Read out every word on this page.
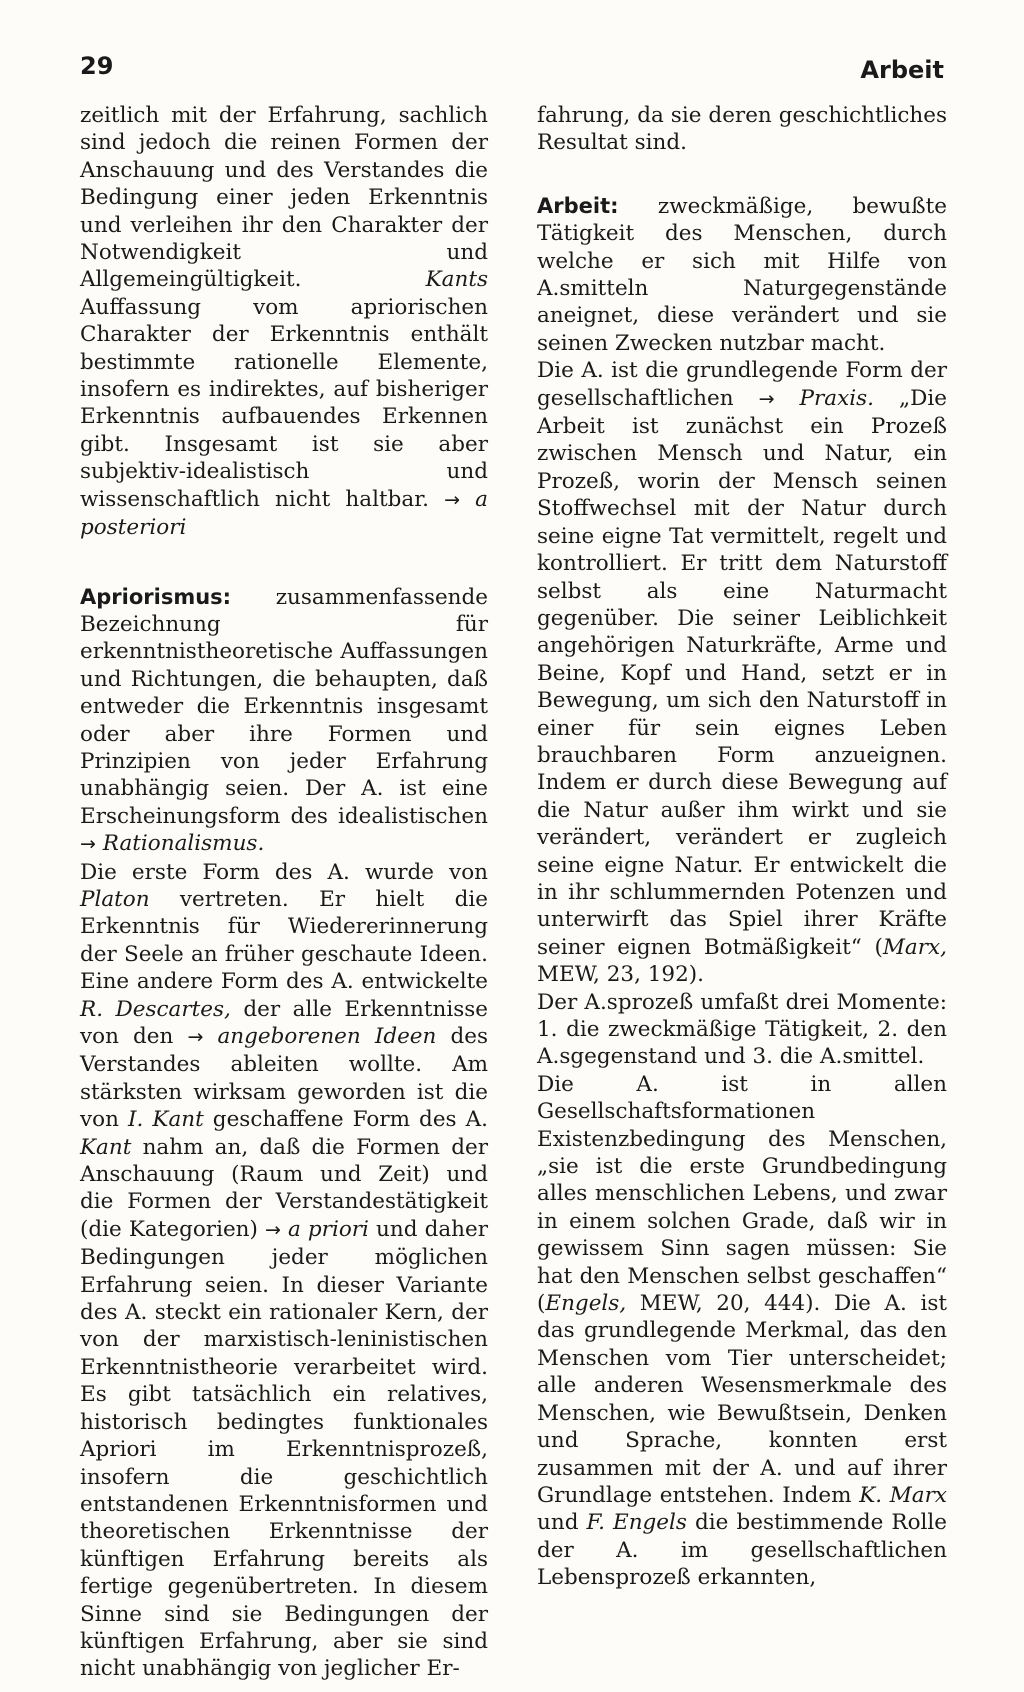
29	Arbeit

zeitlich mit der Erfahrung, sachlich sind jedoch die reinen Formen der Anschauung und des Verstandes die Bedingung einer jeden Erkenntnis und verleihen ihr den Charakter der Notwendigkeit und Allgemeingültigkeit. Kants Auffassung vom apriorischen Charakter der Erkenntnis enthält bestimmte rationelle Elemente, insofern es indirektes, auf bisheriger Erkenntnis aufbauendes Erkennen gibt. Insgesamt ist sie aber subjektiv-idealistisch und wissenschaftlich nicht haltbar. → a posteriori

Apriorismus: zusammenfassende Bezeichnung für erkenntnistheoretische Auffassungen und Richtungen, die behaupten, daß entweder die Erkenntnis insgesamt oder aber ihre Formen und Prinzipien von jeder Erfahrung unabhängig seien. Der A. ist eine Erscheinungsform des idealistischen → Rationalismus.

Die erste Form des A. wurde von Platon vertreten. Er hielt die Erkenntnis für Wiedererinnerung der Seele an früher geschaute Ideen. Eine andere Form des A. entwickelte R. Descartes, der alle Erkenntnisse von den → angeborenen Ideen des Verstandes ableiten wollte. Am stärksten wirksam geworden ist die von I. Kant geschaffene Form des A. Kant nahm an, daß die Formen der Anschauung (Raum und Zeit) und die Formen der Verstandestätigkeit (die Kategorien) → a priori und daher Bedingungen jeder möglichen Erfahrung seien. In dieser Variante des A. steckt ein rationaler Kern, der von der marxistisch-leninistischen Erkenntnistheorie verarbeitet wird. Es gibt tatsächlich ein relatives, historisch bedingtes funktionales Apriori im Erkenntnisprozeß, insofern die geschichtlich entstandenen Erkenntnisformen und theoretischen Erkenntnisse der künftigen Erfahrung bereits als fertige gegenübertreten. In diesem Sinne sind sie Bedingungen der künftigen Erfahrung, aber sie sind nicht unabhängig von jeglicher Er-

fahrung, da sie deren geschichtliches Resultat sind.

Arbeit: zweckmäßige, bewußte Tätigkeit des Menschen, durch welche er sich mit Hilfe von A.smitteln Naturgegenstände aneignet, diese verändert und sie seinen Zwecken nutzbar macht.

Die A. ist die grundlegende Form der gesellschaftlichen → Praxis. „Die Arbeit ist zunächst ein Prozeß zwischen Mensch und Natur, ein Prozeß, worin der Mensch seinen Stoffwechsel mit der Natur durch seine eigne Tat vermittelt, regelt und kontrolliert. Er tritt dem Naturstoff selbst als eine Naturmacht gegenüber. Die seiner Leiblichkeit angehörigen Naturkräfte, Arme und Beine, Kopf und Hand, setzt er in Bewegung, um sich den Naturstoff in einer für sein eignes Leben brauchbaren Form anzueignen. Indem er durch diese Bewegung auf die Natur außer ihm wirkt und sie verändert, verändert er zugleich seine eigne Natur. Er entwickelt die in ihr schlummernden Potenzen und unterwirft das Spiel ihrer Kräfte seiner eignen Botmäßigkeit“ (Marx, MEW, 23, 192).

Der A.sprozeß umfaßt drei Momente: 1. die zweckmäßige Tätigkeit, 2. den A.sgegenstand und 3. die A.smittel.

Die A. ist in allen Gesellschaftsformationen Existenzbedingung des Menschen, „sie ist die erste Grundbedingung alles menschlichen Lebens, und zwar in einem solchen Grade, daß wir in gewissem Sinn sagen müssen: Sie hat den Menschen selbst geschaffen“ (Engels, MEW, 20, 444). Die A. ist das grundlegende Merkmal, das den Menschen vom Tier unterscheidet; alle anderen Wesensmerkmale des Menschen, wie Bewußtsein, Denken und Sprache, konnten erst zusammen mit der A. und auf ihrer Grundlage entstehen. Indem K. Marx und F. Engels die bestimmende Rolle der A. im gesellschaftlichen Lebensprozeß erkannten,
